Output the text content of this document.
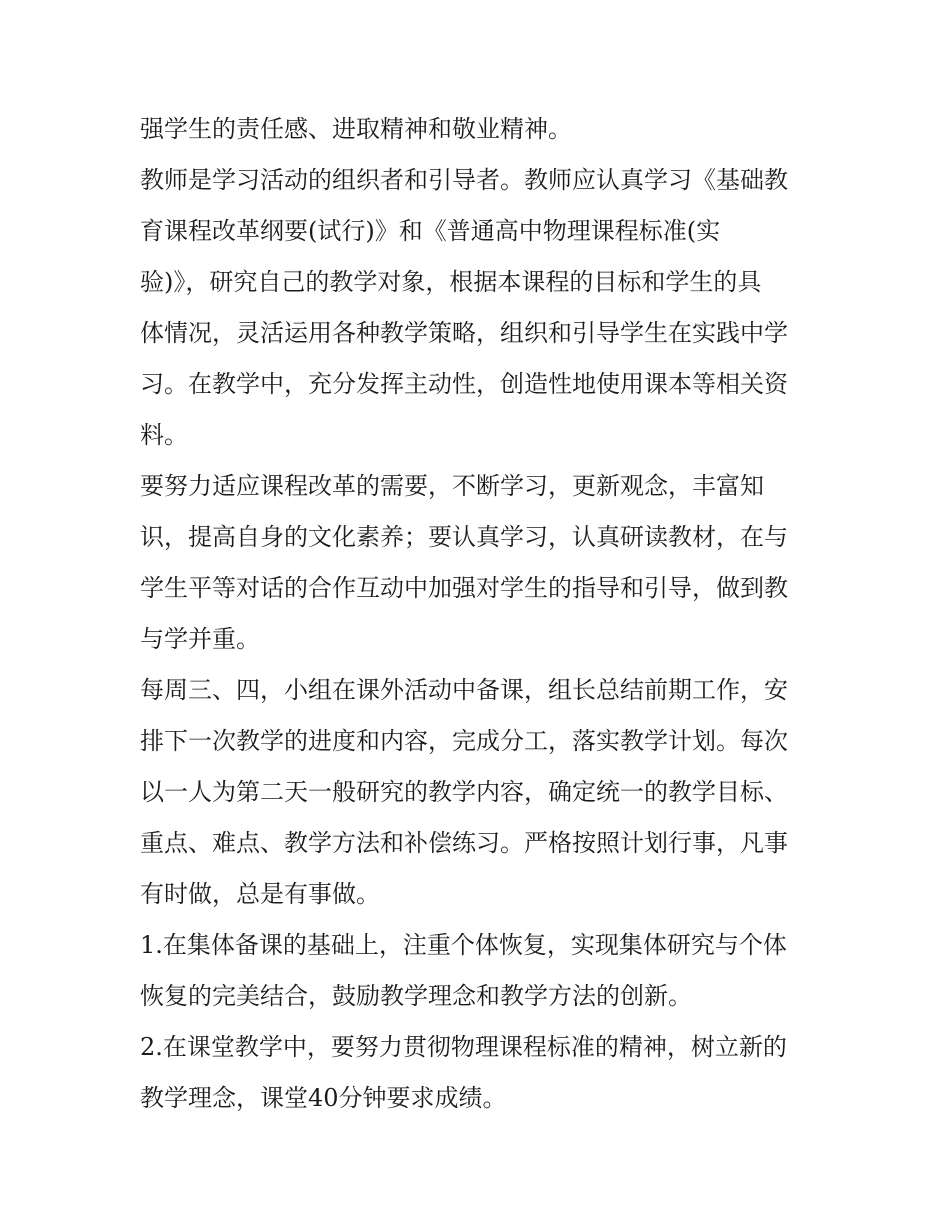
强学生的责任感、进取精神和敬业精神。
教师是学习活动的组织者和引导者。教师应认真学习《基础教
育课程改革纲要(试行)》和《普通高中物理课程标准(实
验)》，研究自己的教学对象，根据本课程的目标和学生的具
体情况，灵活运用各种教学策略，组织和引导学生在实践中学
习。在教学中，充分发挥主动性，创造性地使用课本等相关资
料。
要努力适应课程改革的需要，不断学习，更新观念，丰富知
识，提高自身的文化素养；要认真学习，认真研读教材，在与
学生平等对话的合作互动中加强对学生的指导和引导，做到教
与学并重。
每周三、四，小组在课外活动中备课，组长总结前期工作，安
排下一次教学的进度和内容，完成分工，落实教学计划。每次
以一人为第二天一般研究的教学内容，确定统一的教学目标、
重点、难点、教学方法和补偿练习。严格按照计划行事，凡事
有时做，总是有事做。
1.在集体备课的基础上，注重个体恢复，实现集体研究与个体
恢复的完美结合，鼓励教学理念和教学方法的创新。
2.在课堂教学中，要努力贯彻物理课程标准的精神，树立新的
教学理念，课堂40分钟要求成绩。
